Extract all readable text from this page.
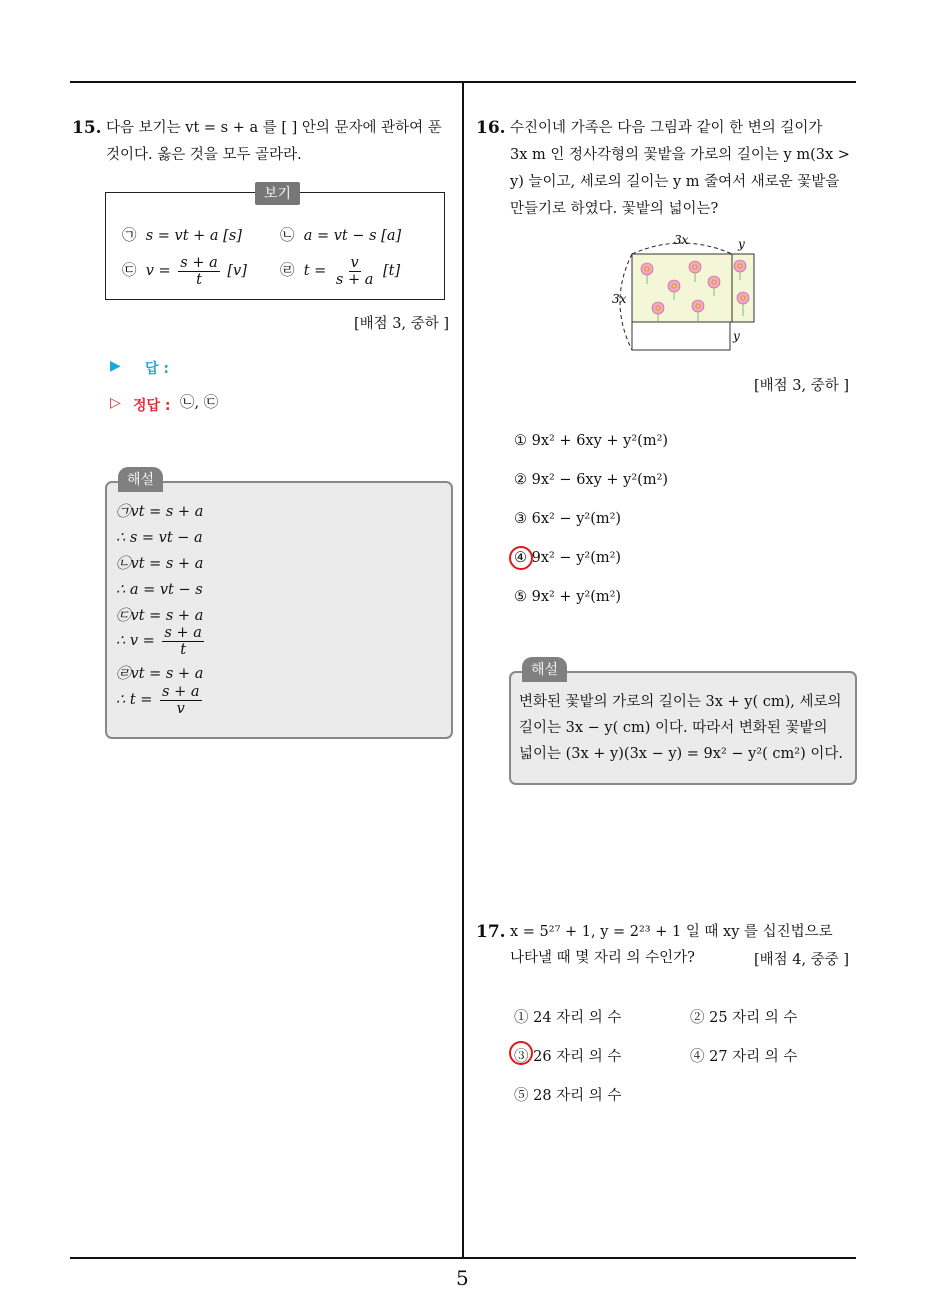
15. 다음 보기는 vt = s + a 를 [ ] 안의 문자에 관하여 푼
것이다. 옳은 것을 모두 골라라.
보기
㉠ s = vt + a [s]	㉡ a = vt − s [a]
㉢ $v = \frac{s + a}{t} [v]$ ㉣ $t = \frac{v}{s + a} [t]$
[배점 3, 중하 ]
▶ 답 :
▷ 정답 : ㉡, ㉢
해설
㉠vt = s + a
∴ s = vt − a
㉡vt = s + a
∴ a = vt − s
㉢vt = s + a
∴ $v = \frac{s + a}{t}$
㉣vt = s + a
∴ $t = \frac{s + a}{v}$
16. 수진이네 가족은 다음 그림과 같이 한 변의 길이가
3x m 인 정사각형의 꽃밭을 가로의 길이는 y m(3x >
y) 늘이고, 세로의 길이는 y m 줄여서 새로운 꽃밭을
만들기로 하였다. 꽃밭의 넓이는?
3x
3x
y
y
[배점 3, 중하 ]
① 9x² + 6xy + y²(m²)
② 9x² − 6xy + y²(m²)
③ 6x² − y²(m²)
④ 9x² − y²(m²)
⑤ 9x² + y²(m²)
해설
변화된 꽃밭의 가로의 길이는 3x + y( cm), 세로의
길이는 3x − y( cm) 이다. 따라서 변화된 꽃밭의
넓이는 (3x + y)(3x − y) = 9x² − y²( cm²) 이다.
17. x = 5²⁷ + 1, y = 2²³ + 1 일 때 xy 를 십진법으로
나타낼 때 몇 자리 의 수인가?	[배점 4, 중중 ]
① 24 자리 의 수	② 25 자리 의 수
③ 26 자리 의 수	④ 27 자리 의 수
⑤ 28 자리 의 수
5
